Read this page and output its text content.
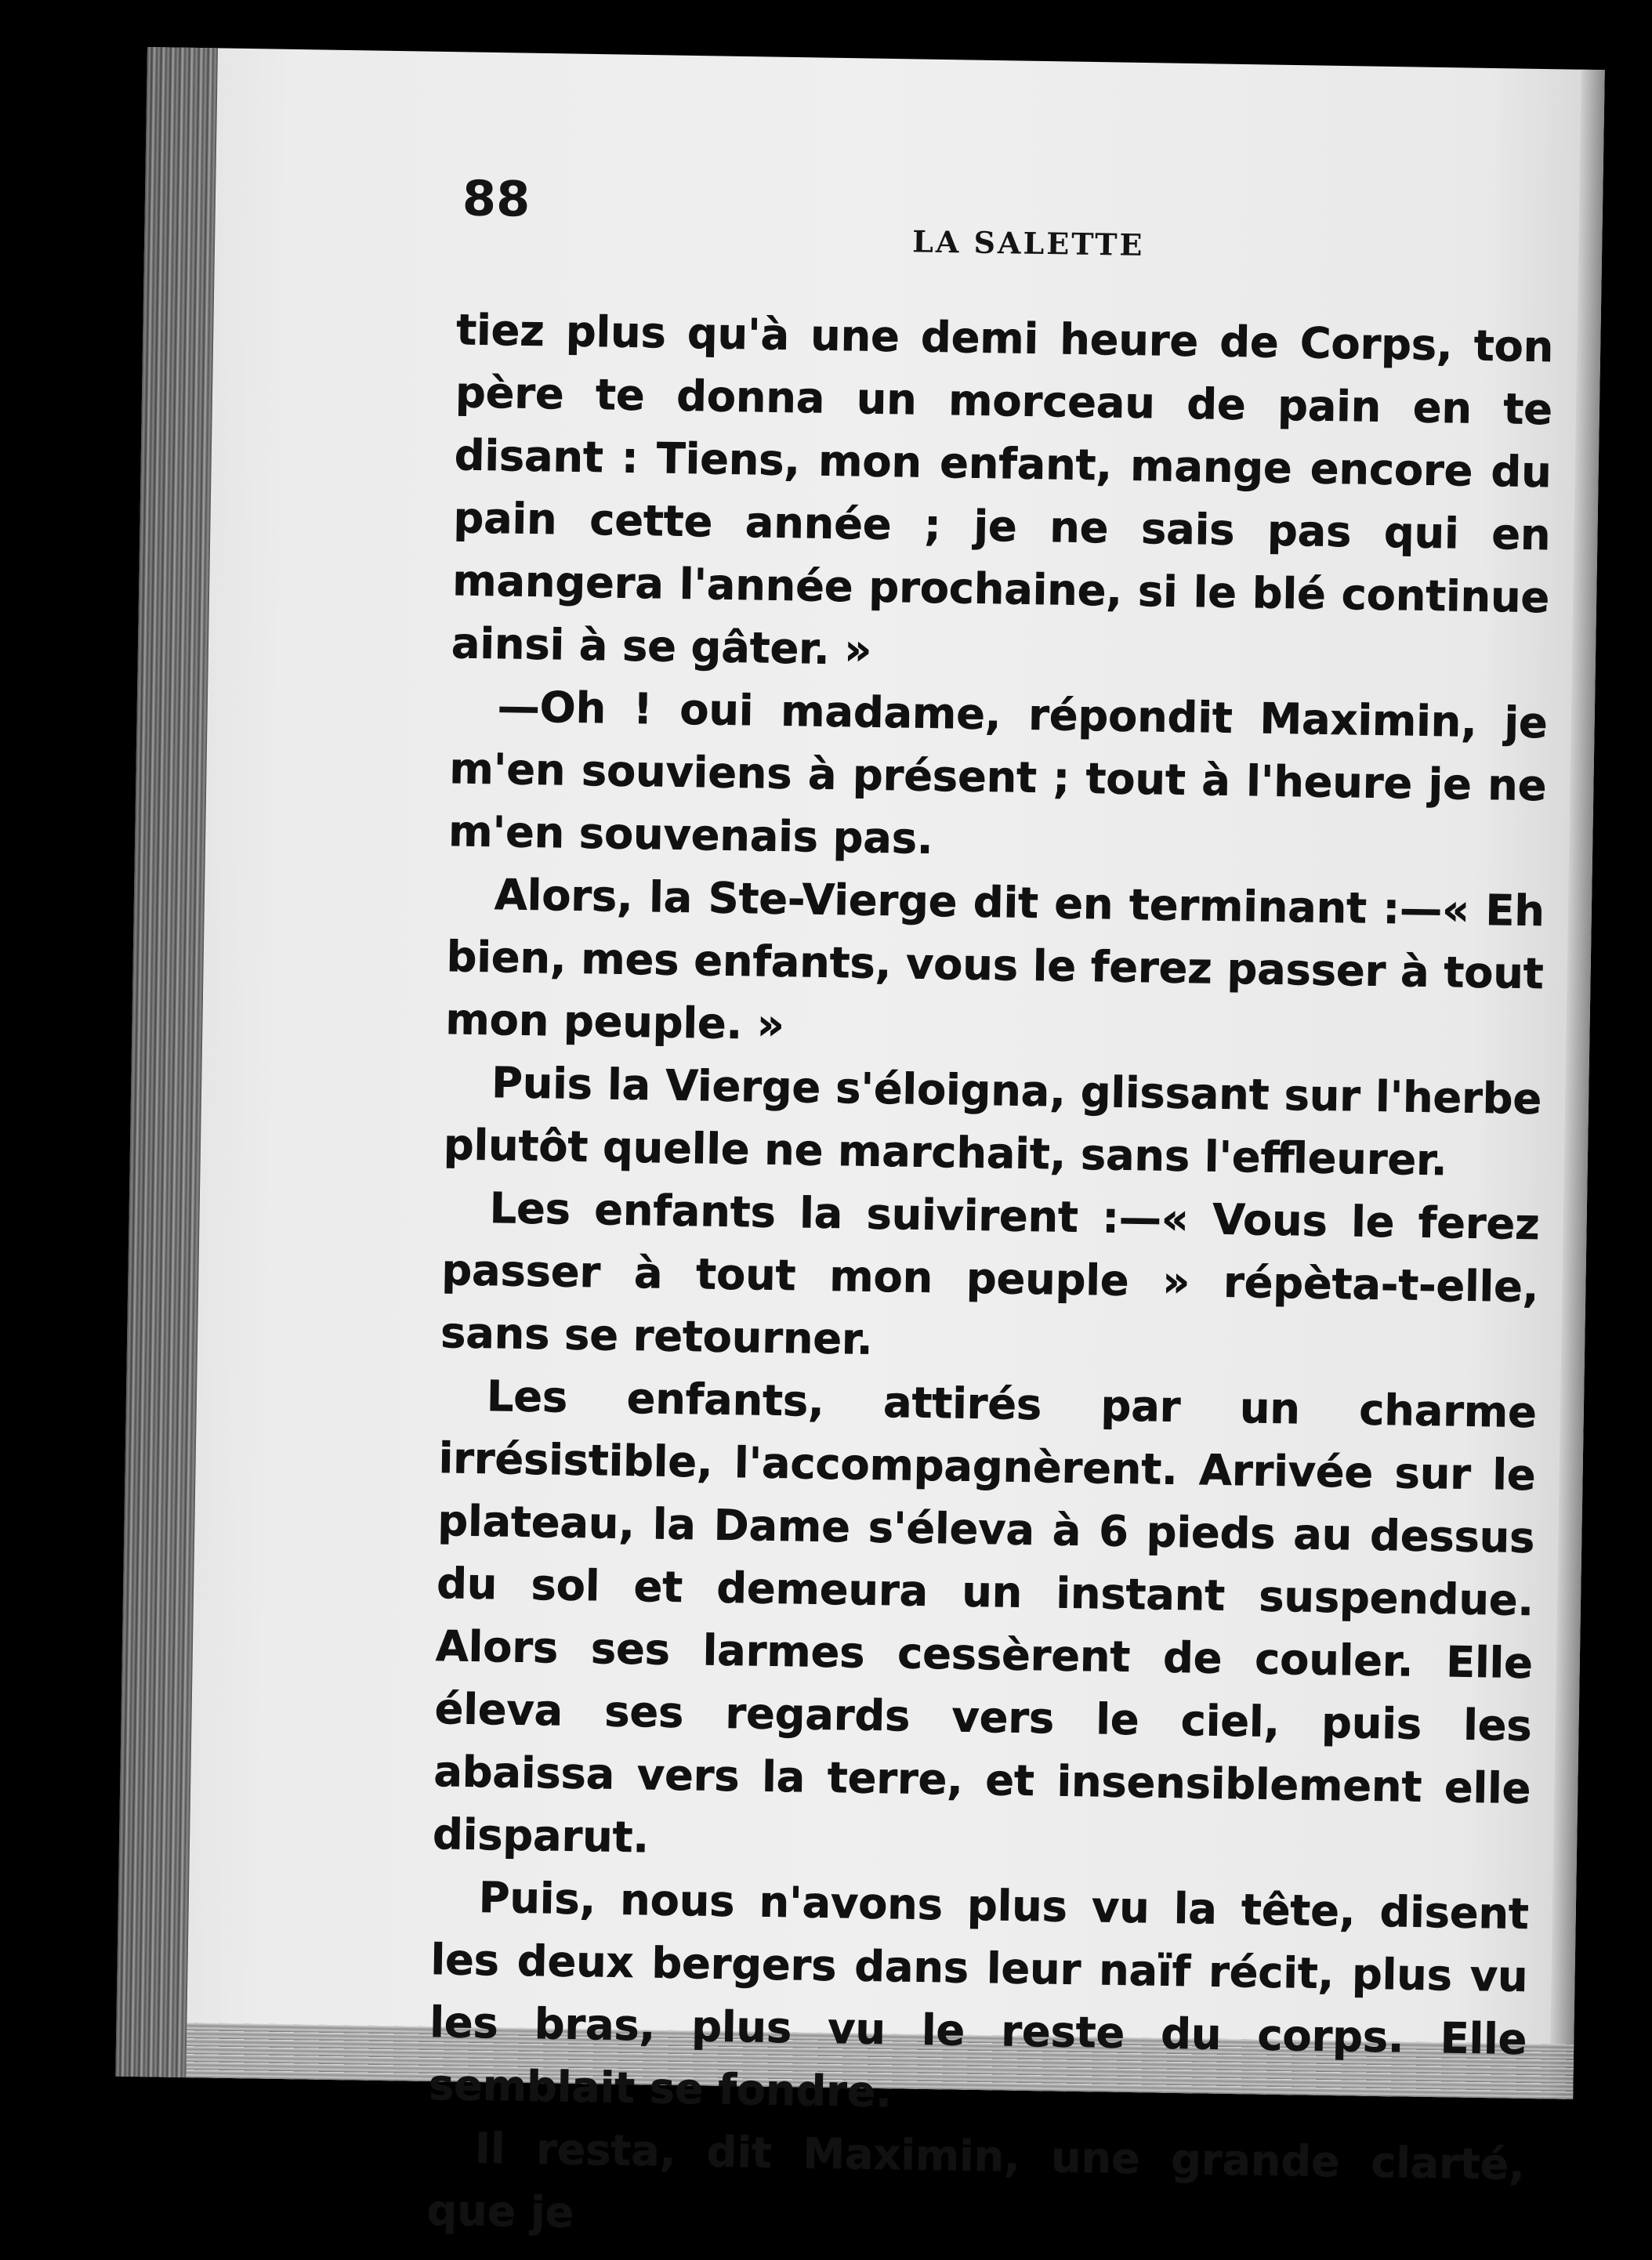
88
LA SALETTE

tiez plus qu'à une demi heure de Corps, ton père te donna un morceau de pain en te disant : Tiens, mon enfant, mange encore du pain cette année ; je ne sais pas qui en mangera l'année prochaine, si le blé continue ainsi à se gâter. »

—Oh ! oui madame, répondit Maximin, je m'en souviens à présent ; tout à l'heure je ne m'en souvenais pas.

Alors, la Ste-Vierge dit en terminant :—« Eh bien, mes enfants, vous le ferez passer à tout mon peuple. »

Puis la Vierge s'éloigna, glissant sur l'herbe plutôt quelle ne marchait, sans l'effleurer.

Les enfants la suivirent :—« Vous le ferez passer à tout mon peuple » répèta-t-elle, sans se retourner.

Les enfants, attirés par un charme irrésistible, l'accompagnèrent. Arrivée sur le plateau, la Dame s'éleva à 6 pieds au dessus du sol et demeura un instant suspendue. Alors ses larmes cessèrent de couler. Elle éleva ses regards vers le ciel, puis les abaissa vers la terre, et insensiblement elle disparut.

Puis, nous n'avons plus vu la tête, disent les deux bergers dans leur naïf récit, plus vu les bras, plus vu le reste du corps. Elle semblait se fondre.

Il resta, dit Maximin, une grande clarté, que je
